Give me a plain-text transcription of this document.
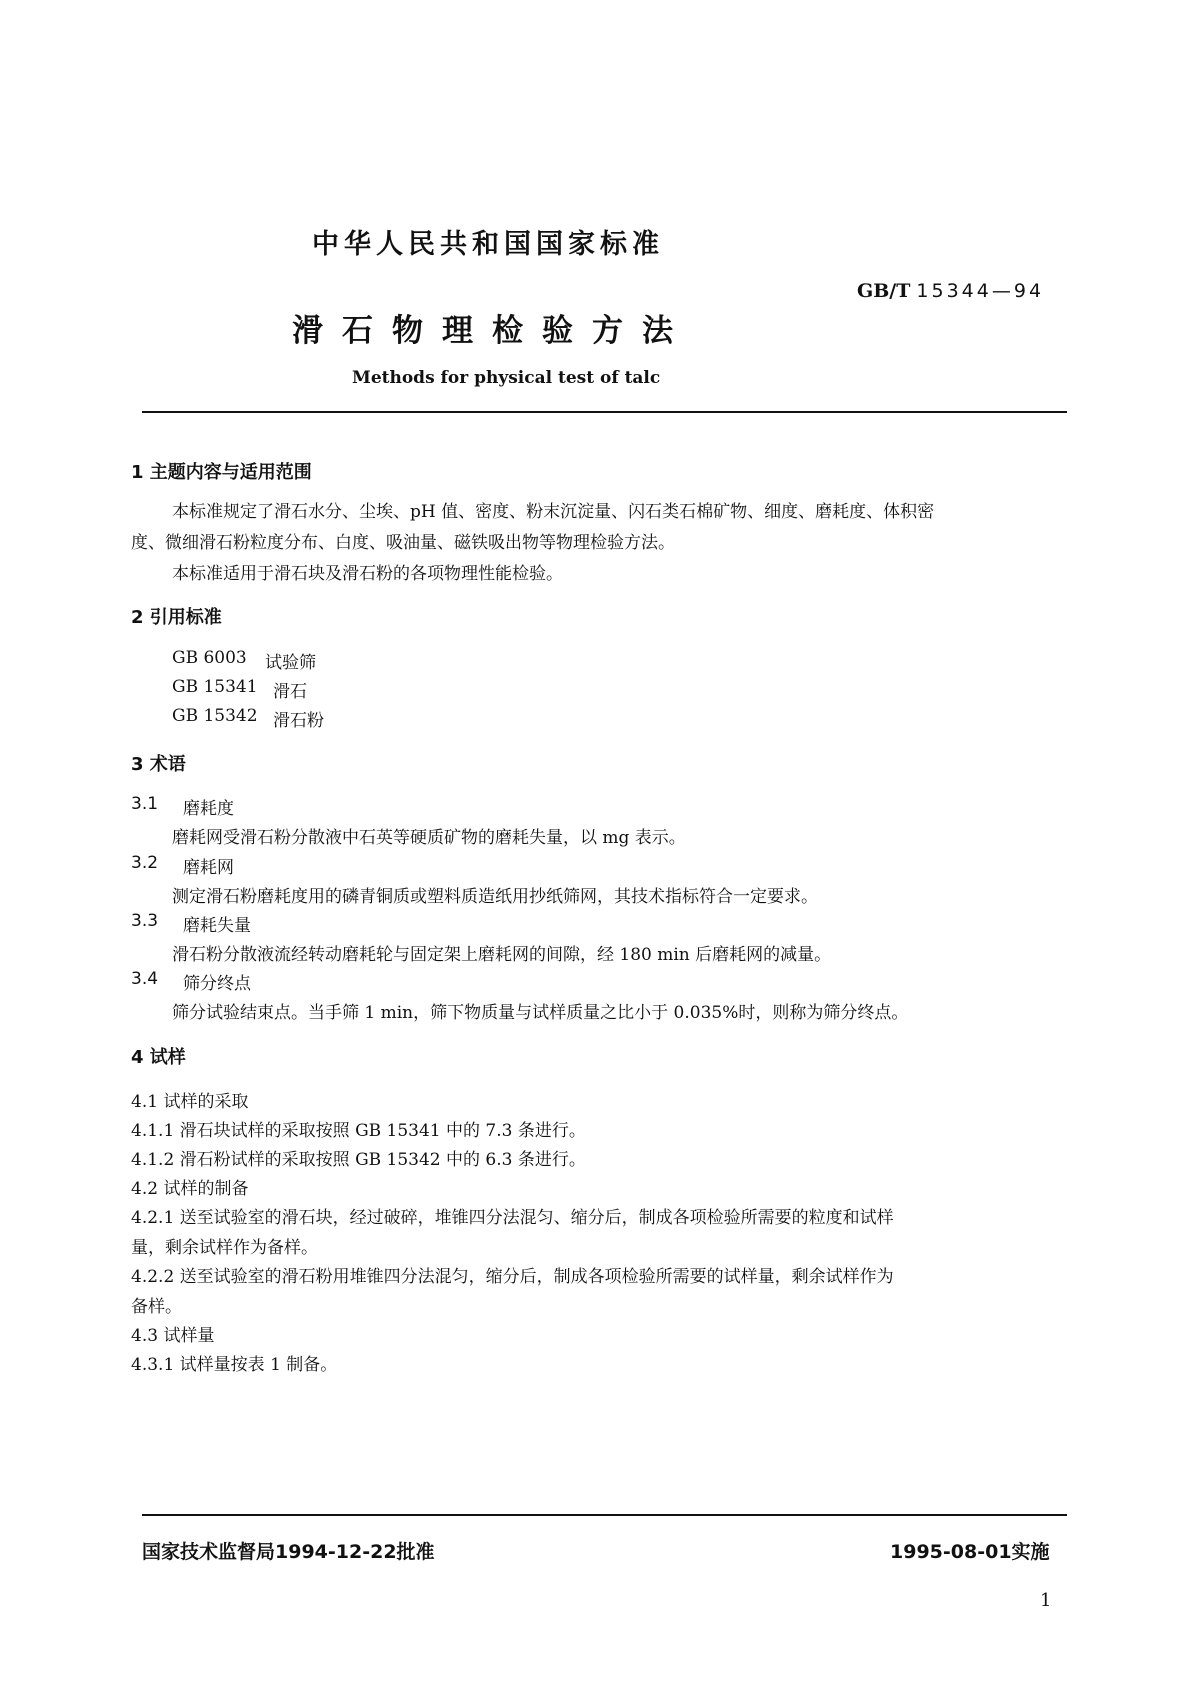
中华人民共和国国家标准
GB/T 15344—94
滑石物理检验方法
Methods for physical test of talc
1 主题内容与适用范围
本标准规定了滑石水分、尘埃、pH 值、密度、粉末沉淀量、闪石类石棉矿物、细度、磨耗度、体积密
度、微细滑石粉粒度分布、白度、吸油量、磁铁吸出物等物理检验方法。
本标准适用于滑石块及滑石粉的各项物理性能检验。
2 引用标准
GB 6003 试验筛
GB 15341 滑石
GB 15342 滑石粉
3 术语
3.1 磨耗度
磨耗网受滑石粉分散液中石英等硬质矿物的磨耗失量，以 mg 表示。
3.2 磨耗网
测定滑石粉磨耗度用的磷青铜质或塑料质造纸用抄纸筛网，其技术指标符合一定要求。
3.3 磨耗失量
滑石粉分散液流经转动磨耗轮与固定架上磨耗网的间隙，经 180 min 后磨耗网的减量。
3.4 筛分终点
筛分试验结束点。当手筛 1 min，筛下物质量与试样质量之比小于 0.035%时，则称为筛分终点。
4 试样
4.1 试样的采取
4.1.1 滑石块试样的采取按照 GB 15341 中的 7.3 条进行。
4.1.2 滑石粉试样的采取按照 GB 15342 中的 6.3 条进行。
4.2 试样的制备
4.2.1 送至试验室的滑石块，经过破碎，堆锥四分法混匀、缩分后，制成各项检验所需要的粒度和试样
量，剩余试样作为备样。
4.2.2 送至试验室的滑石粉用堆锥四分法混匀，缩分后，制成各项检验所需要的试样量，剩余试样作为
备样。
4.3 试样量
4.3.1 试样量按表 1 制备。
国家技术监督局1994-12-22批准	1995-08-01实施
1
